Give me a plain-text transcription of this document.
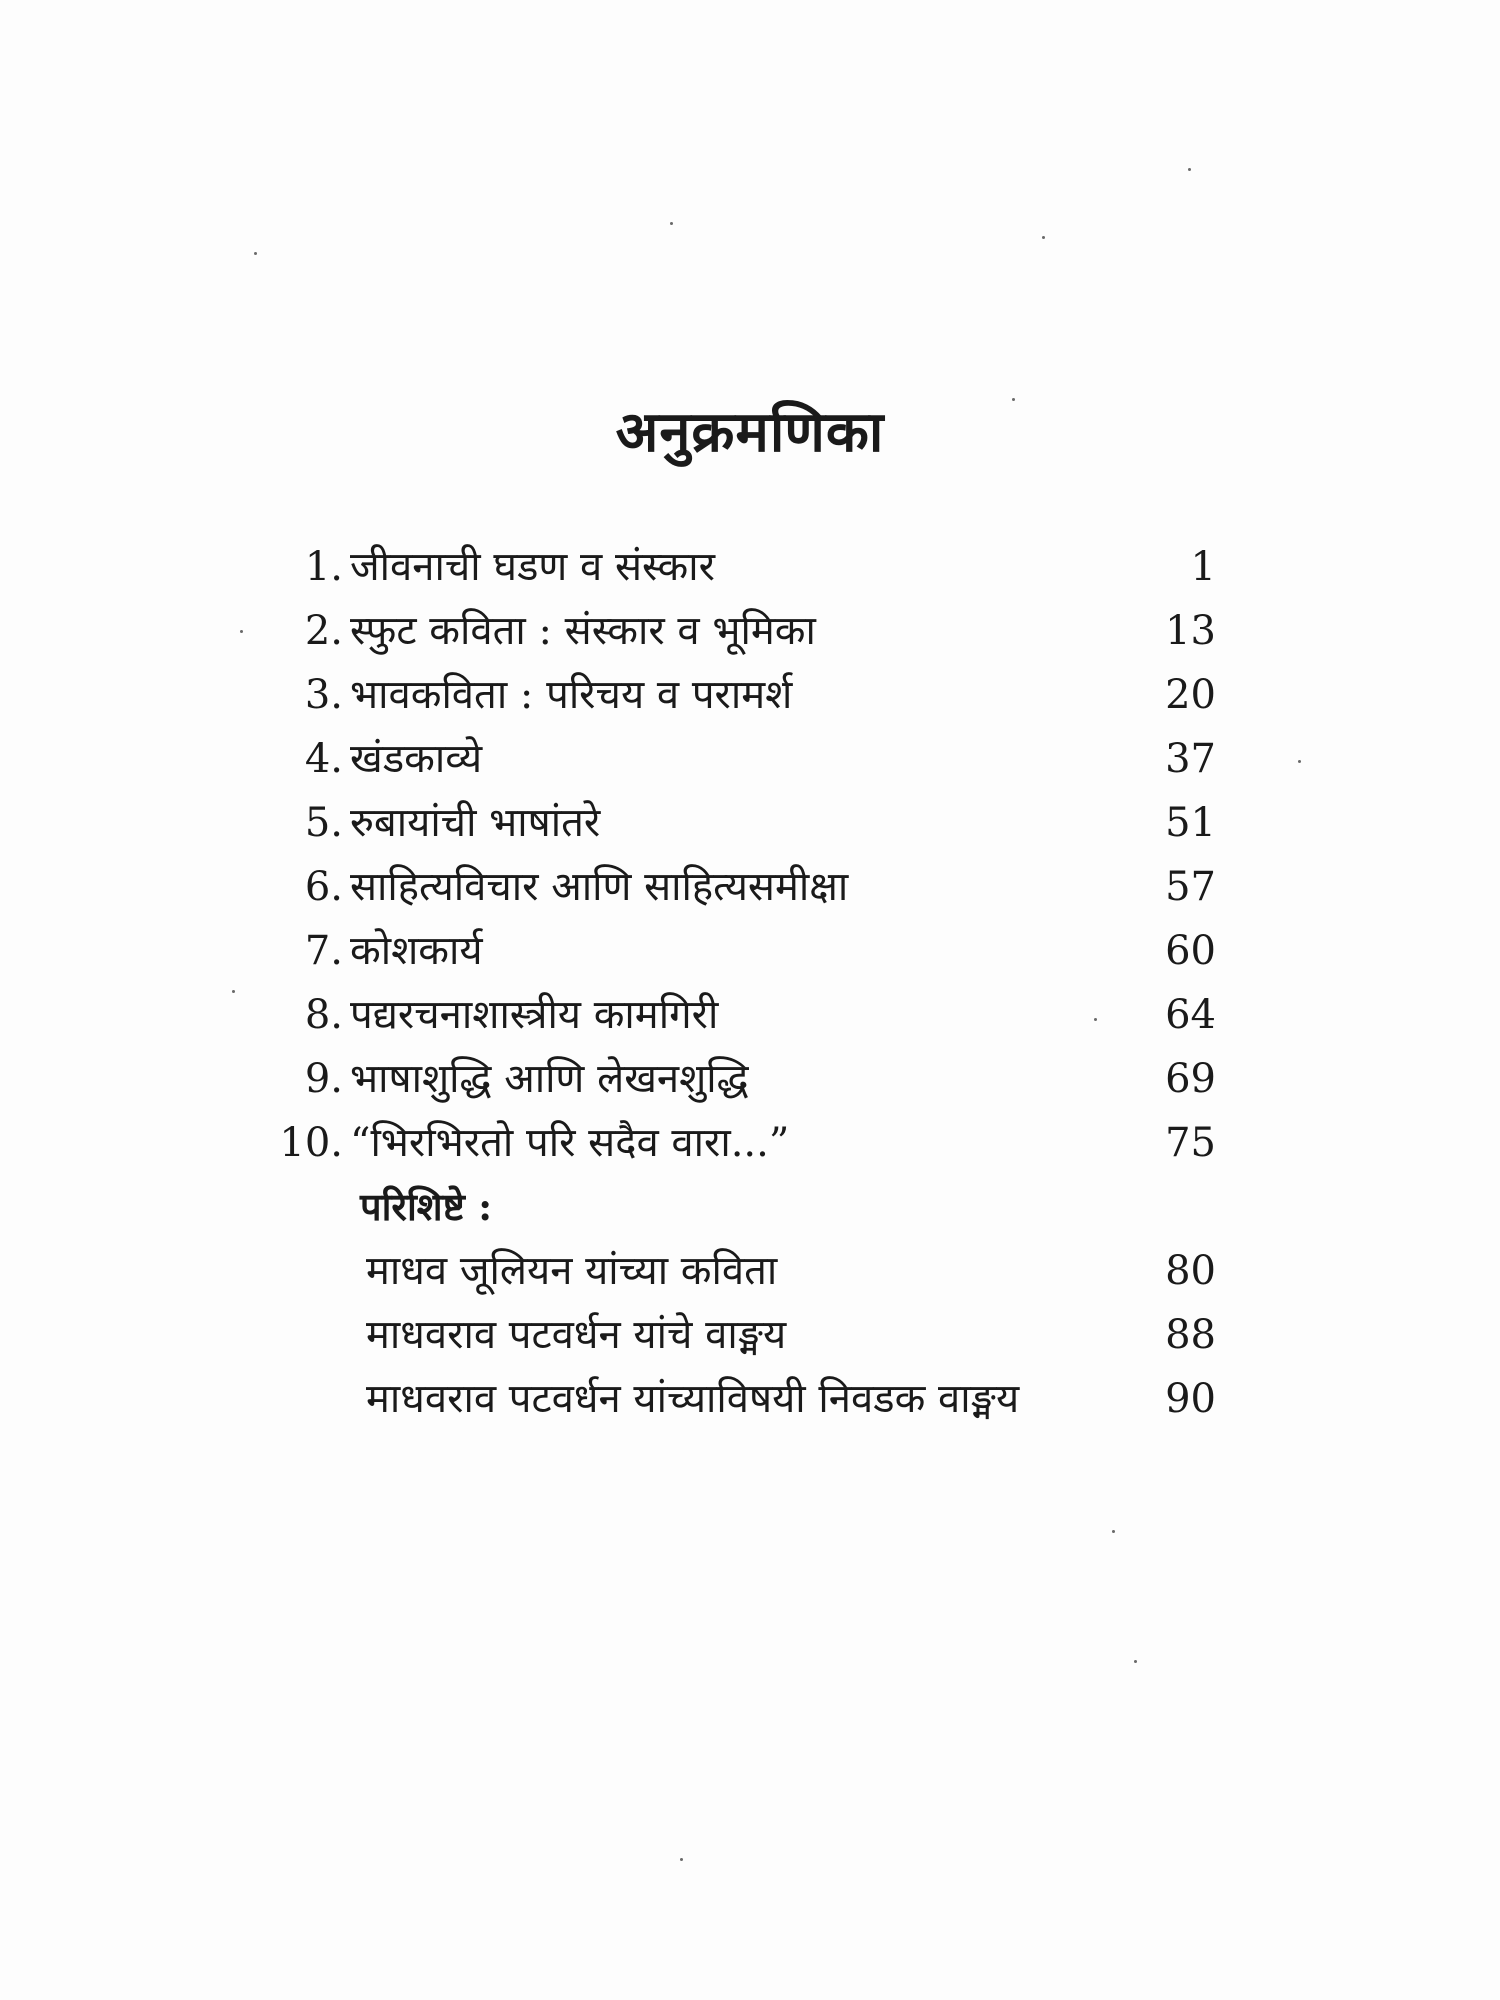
अनुक्रमणिका
1. जीवनाची घडण व संस्कार	1
2. स्फुट कविता : संस्कार व भूमिका	13
3. भावकविता : परिचय व परामर्श	20
4. खंडकाव्ये	37
5. रुबायांची भाषांतरे	51
6. साहित्यविचार आणि साहित्यसमीक्षा	57
7. कोशकार्य	60
8. पद्यरचनाशास्त्रीय कामगिरी	64
9. भाषाशुद्धि आणि लेखनशुद्धि	69
10. “भिरभिरतो परि सदैव वारा...”	75
परिशिष्टे :
माधव जूलियन यांच्या कविता	80
माधवराव पटवर्धन यांचे वाङ्मय	88
माधवराव पटवर्धन यांच्याविषयी निवडक वाङ्मय	90
